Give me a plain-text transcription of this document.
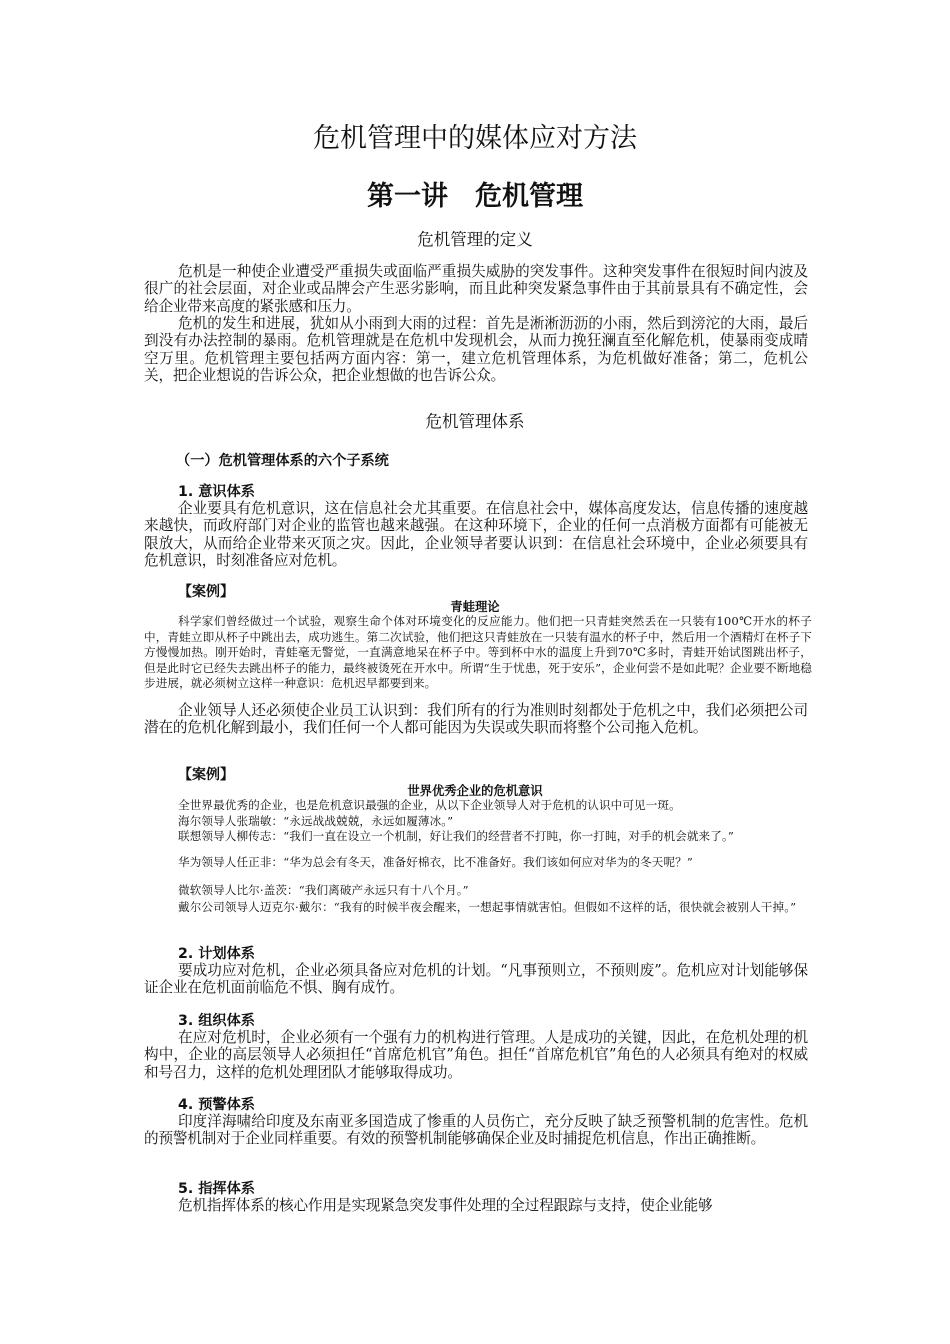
危机管理中的媒体应对方法
第一讲　危机管理
危机管理的定义
危机是一种使企业遭受严重损失或面临严重损失威胁的突发事件。这种突发事件在很短时间内波及很广的社会层面，对企业或品牌会产生恶劣影响，而且此种突发紧急事件由于其前景具有不确定性，会给企业带来高度的紧张感和压力。
危机的发生和进展，犹如从小雨到大雨的过程：首先是淅淅沥沥的小雨，然后到滂沱的大雨，最后到没有办法控制的暴雨。危机管理就是在危机中发现机会，从而力挽狂澜直至化解危机，使暴雨变成晴空万里。危机管理主要包括两方面内容：第一，建立危机管理体系，为危机做好准备；第二，危机公关，把企业想说的告诉公众，把企业想做的也告诉公众。
危机管理体系
（一）危机管理体系的六个子系统
1. 意识体系
企业要具有危机意识，这在信息社会尤其重要。在信息社会中，媒体高度发达，信息传播的速度越来越快，而政府部门对企业的监管也越来越强。在这种环境下，企业的任何一点消极方面都有可能被无限放大，从而给企业带来灭顶之灾。因此，企业领导者要认识到：在信息社会环境中，企业必须要具有危机意识，时刻准备应对危机。
【案例】
青蛙理论
科学家们曾经做过一个试验，观察生命个体对环境变化的反应能力。他们把一只青蛙突然丢在一只装有100℃开水的杯子中，青蛙立即从杯子中跳出去，成功逃生。第二次试验，他们把这只青蛙放在一只装有温水的杯子中，然后用一个酒精灯在杯子下方慢慢加热。刚开始时，青蛙毫无警觉，一直满意地呆在杯子中。等到杯中水的温度上升到70℃多时，青蛙开始试图跳出杯子，但是此时它已经失去跳出杯子的能力，最终被烫死在开水中。所谓“生于忧患，死于安乐”，企业何尝不是如此呢？企业要不断地稳步进展，就必须树立这样一种意识：危机迟早都要到来。
企业领导人还必须使企业员工认识到：我们所有的行为准则时刻都处于危机之中，我们必须把公司潜在的危机化解到最小，我们任何一个人都可能因为失误或失职而将整个公司拖入危机。
【案例】
世界优秀企业的危机意识
全世界最优秀的企业，也是危机意识最强的企业，从以下企业领导人对于危机的认识中可见一斑。
海尔领导人张瑞敏：“永远战战兢兢，永远如履薄冰。”
联想领导人柳传志：“我们一直在设立一个机制，好让我们的经营者不打盹，你一打盹，对手的机会就来了。”
华为领导人任正非：“华为总会有冬天，准备好棉衣，比不准备好。我们该如何应对华为的冬天呢？”
微软领导人比尔·盖茨：“我们离破产永远只有十八个月。”
戴尔公司领导人迈克尔·戴尔：“我有的时候半夜会醒来，一想起事情就害怕。但假如不这样的话，很快就会被别人干掉。”
2. 计划体系
要成功应对危机，企业必须具备应对危机的计划。“凡事预则立，不预则废”。危机应对计划能够保证企业在危机面前临危不惧、胸有成竹。
3. 组织体系
在应对危机时，企业必须有一个强有力的机构进行管理。人是成功的关键，因此，在危机处理的机构中，企业的高层领导人必须担任“首席危机官”角色。担任“首席危机官”角色的人必须具有绝对的权威和号召力，这样的危机处理团队才能够取得成功。
4. 预警体系
印度洋海啸给印度及东南亚多国造成了惨重的人员伤亡，充分反映了缺乏预警机制的危害性。危机的预警机制对于企业同样重要。有效的预警机制能够确保企业及时捕捉危机信息，作出正确推断。
5. 指挥体系
危机指挥体系的核心作用是实现紧急突发事件处理的全过程跟踪与支持，使企业能够
